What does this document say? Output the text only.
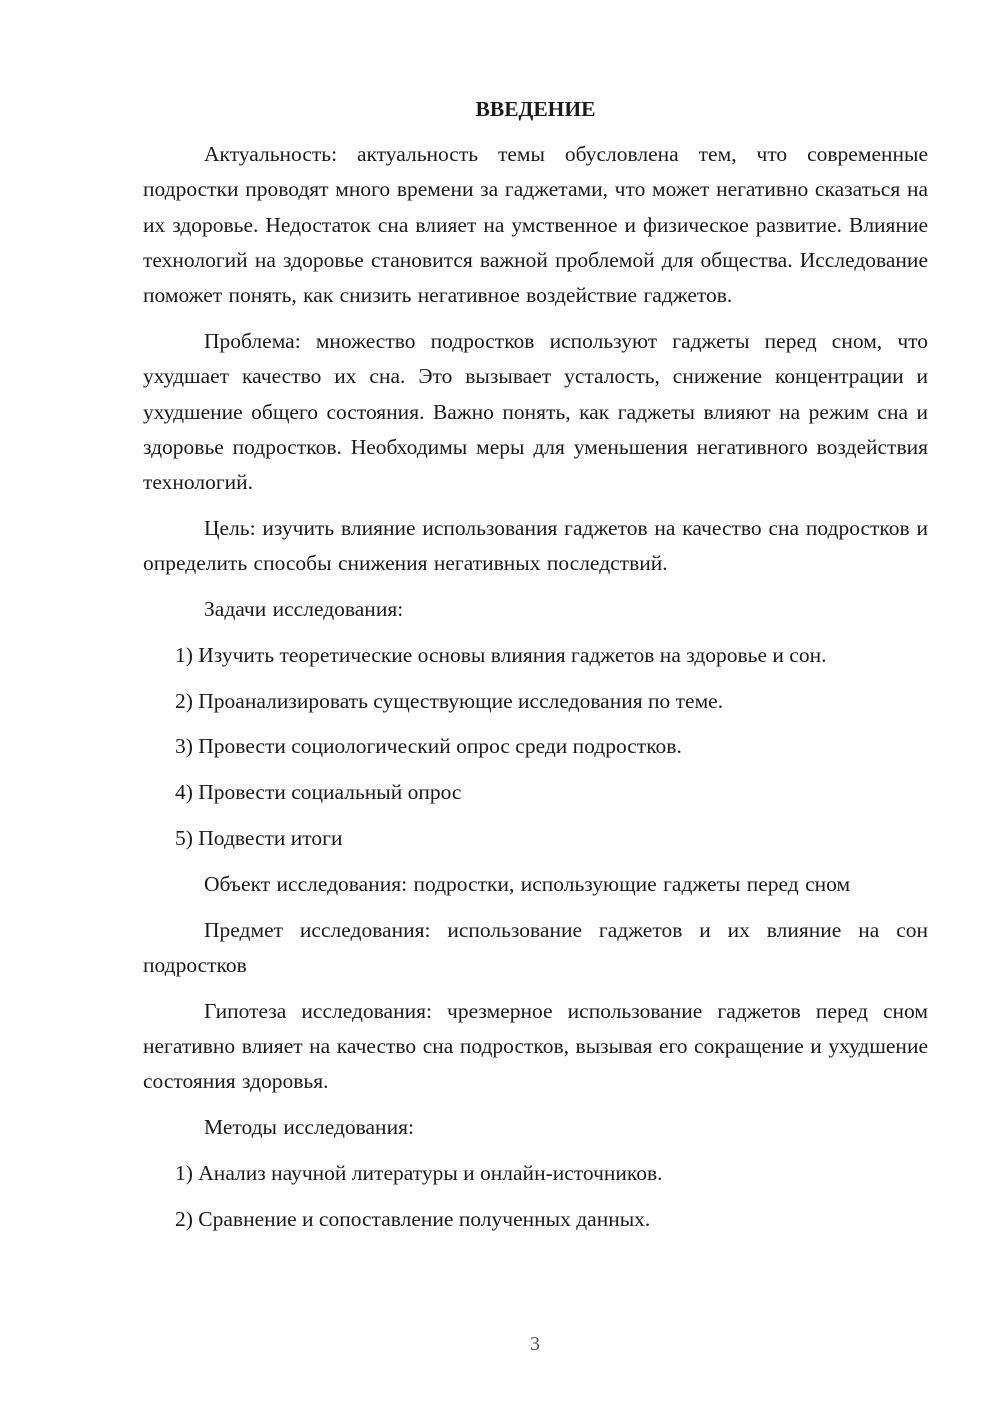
ВВЕДЕНИЕ

Актуальность: актуальность темы обусловлена тем, что современные подростки проводят много времени за гаджетами, что может негативно сказаться на их здоровье. Недостаток сна влияет на умственное и физическое развитие. Влияние технологий на здоровье становится важной проблемой для общества. Исследование поможет понять, как снизить негативное воздействие гаджетов.

Проблема: множество подростков используют гаджеты перед сном, что ухудшает качество их сна. Это вызывает усталость, снижение концентрации и ухудшение общего состояния. Важно понять, как гаджеты влияют на режим сна и здоровье подростков. Необходимы меры для уменьшения негативного воздействия технологий.

Цель: изучить влияние использования гаджетов на качество сна подростков и определить способы снижения негативных последствий.

Задачи исследования:

1) Изучить теоретические основы влияния гаджетов на здоровье и сон.
2) Проанализировать существующие исследования по теме.
3) Провести социологический опрос среди подростков.
4) Провести социальный опрос
5) Подвести итоги

Объект исследования: подростки, использующие гаджеты перед сном

Предмет исследования: использование гаджетов и их влияние на сон подростков

Гипотеза исследования: чрезмерное использование гаджетов перед сном негативно влияет на качество сна подростков, вызывая его сокращение и ухудшение состояния здоровья.

Методы исследования:

1) Анализ научной литературы и онлайн-источников.
2) Сравнение и сопоставление полученных данных.
3
